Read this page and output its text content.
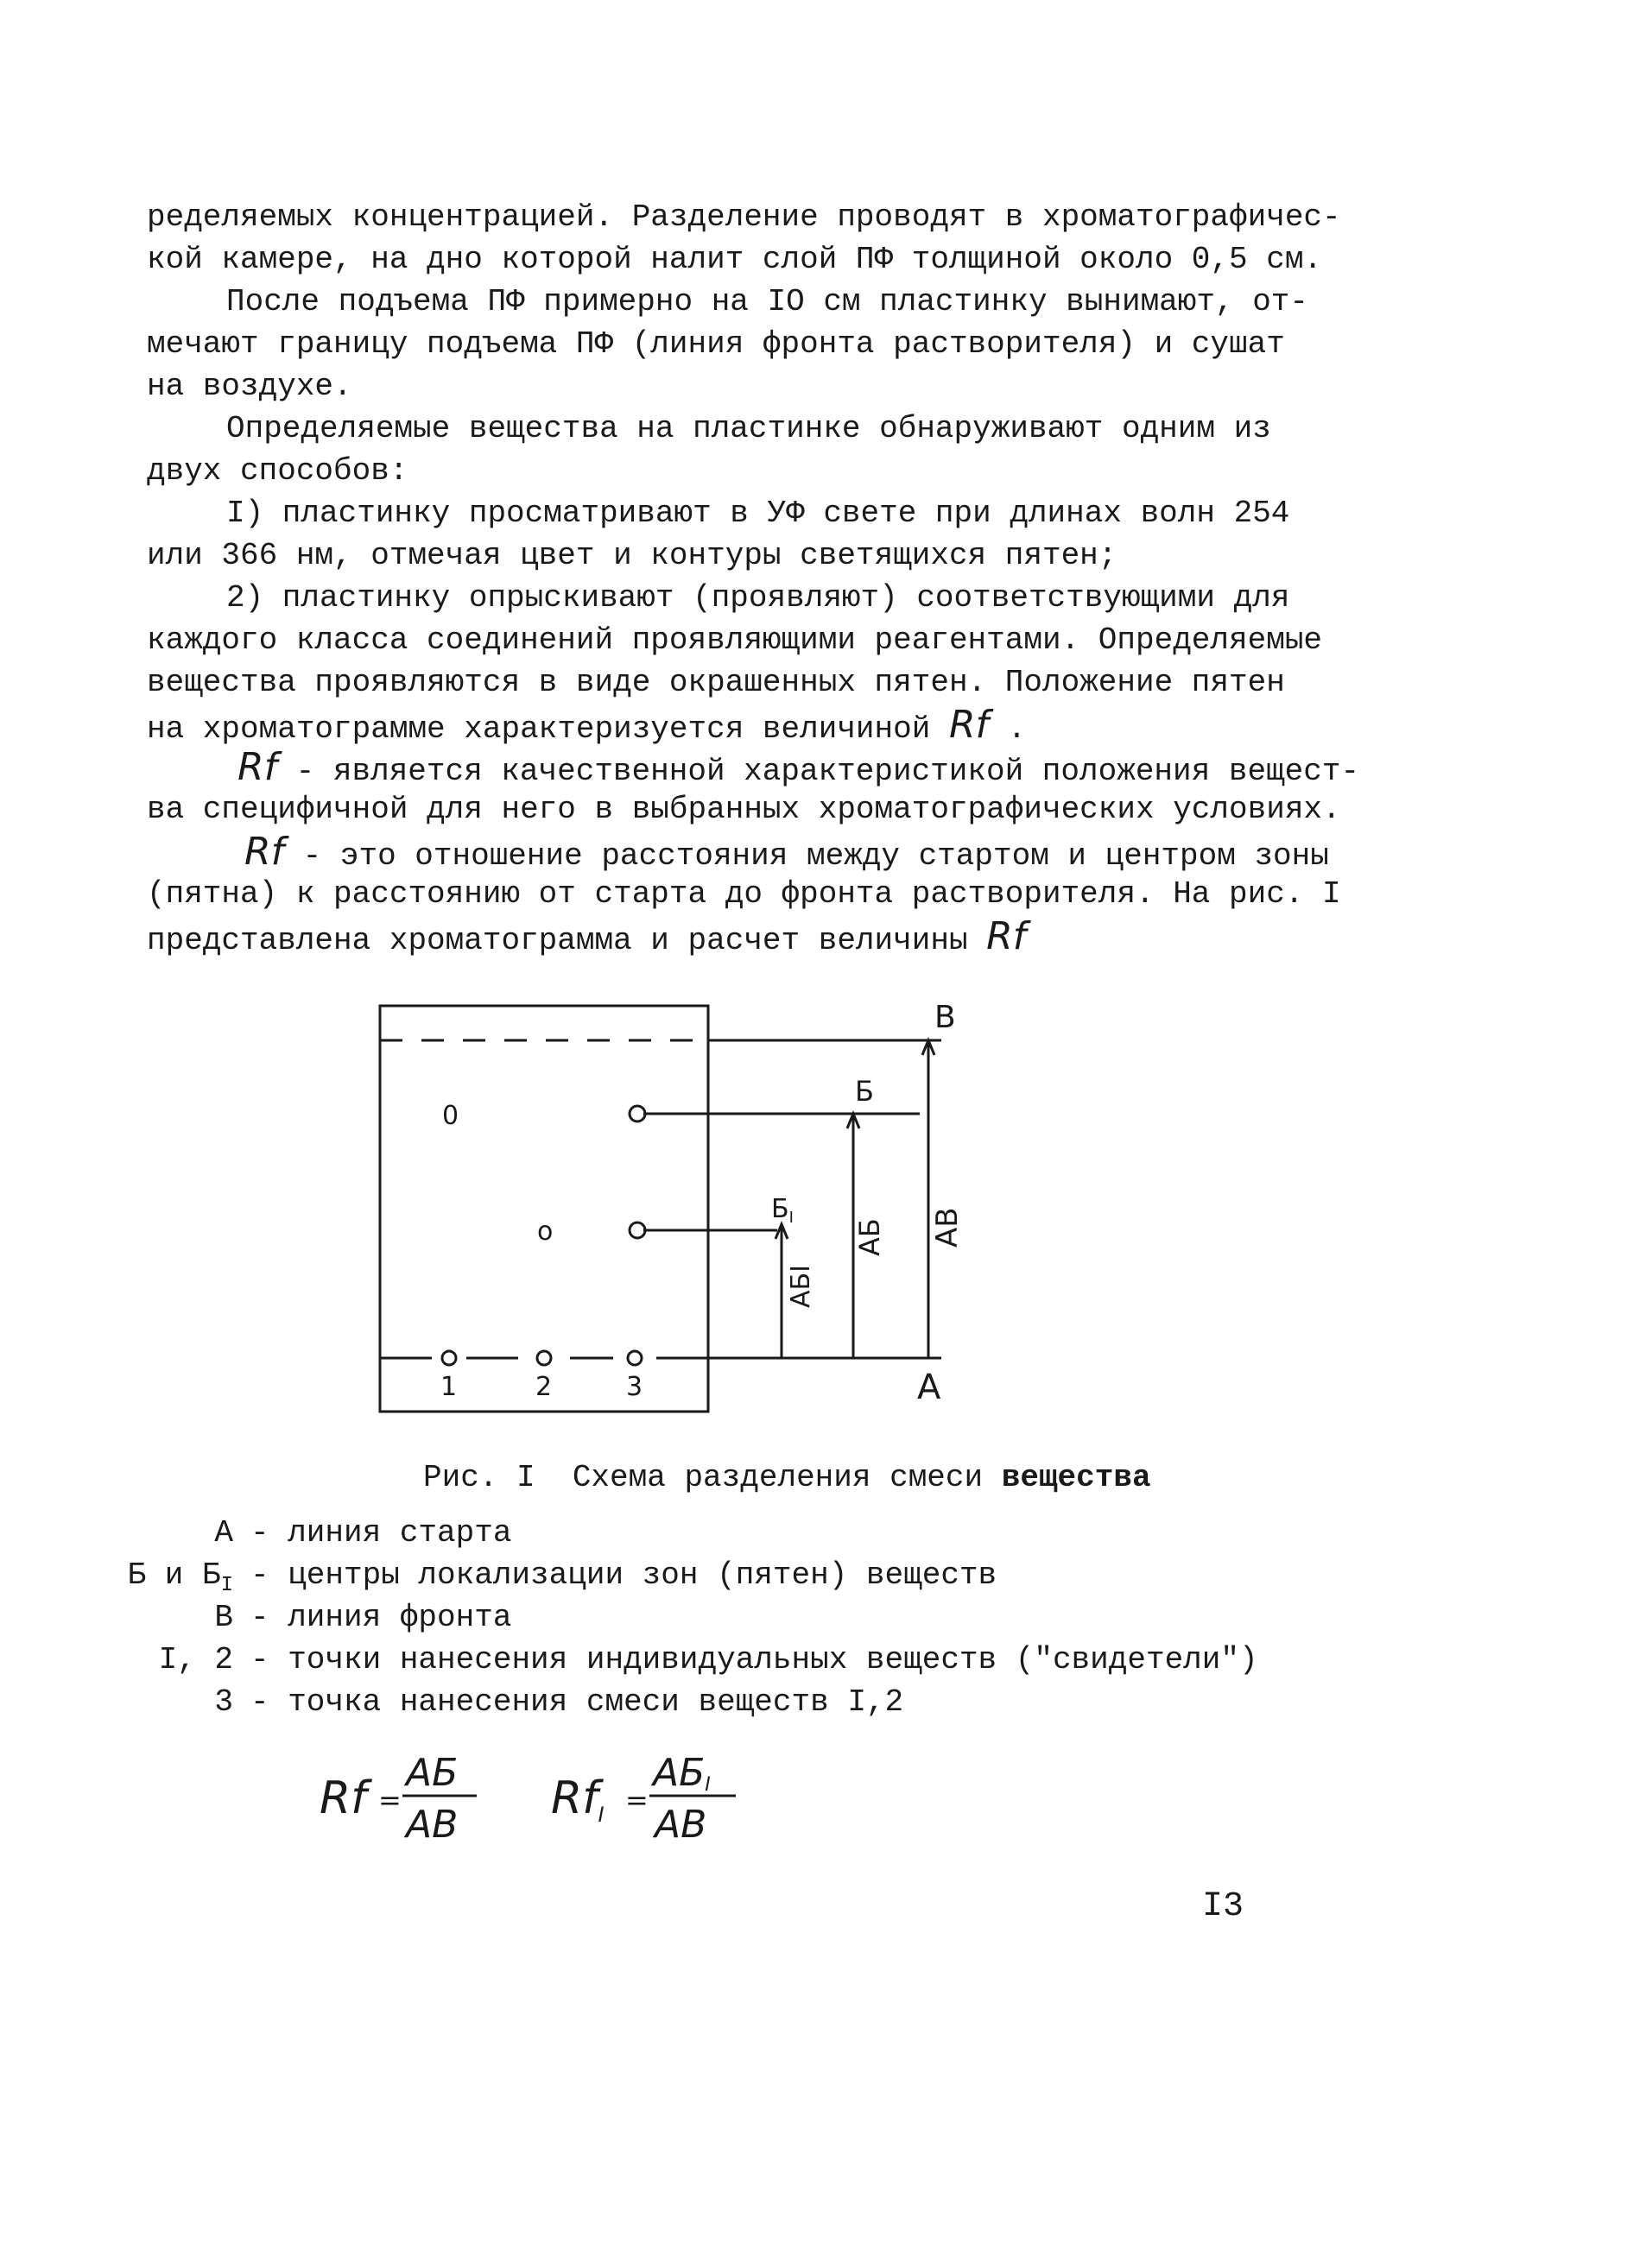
ределяемых концентрацией. Разделение проводят в хроматографичес-
кой камере, на дно которой налит слой ПФ толщиной около 0,5 см.
После подъема ПФ примерно на IO см пластинку вынимают, от-
мечают границу подъема ПФ (линия фронта растворителя) и сушат
на воздухе.
Определяемые вещества на пластинке обнаруживают одним из
двух способов:
I) пластинку просматривают в УФ свете при длинах волн 254
или 366 нм, отмечая цвет и контуры светящихся пятен;
2) пластинку опрыскивают (проявляют) соответствующими для
каждого класса соединений проявляющими реагентами. Определяемые
вещества проявляются в виде окрашенных пятен. Положение пятен
на хроматограмме характеризуется величиной Rf .
Rf - является качественной характеристикой положения вещест-
ва специфичной для него в выбранных хроматографических условиях.
Rf - это отношение расстояния между стартом и центром зоны
(пятна) к расстоянию от старта до фронта растворителя. На рис. I
представлена хроматограмма и расчет величины Rf
0
o
1	2	3
В
Б
$Б_I$
А
АБI
АБ АВ
Рис. I  Схема разделения смеси вещества
А - линия старта
Б и $Б_I$ - центры локализации зон (пятен) веществ
В - линия фронта
I, 2 - точки нанесения индивидуальных веществ ("свидетели")
3 - точка нанесения смеси веществ I,2
Rf =
АБ
АВ
RfI =
АБI
АВ
I3
